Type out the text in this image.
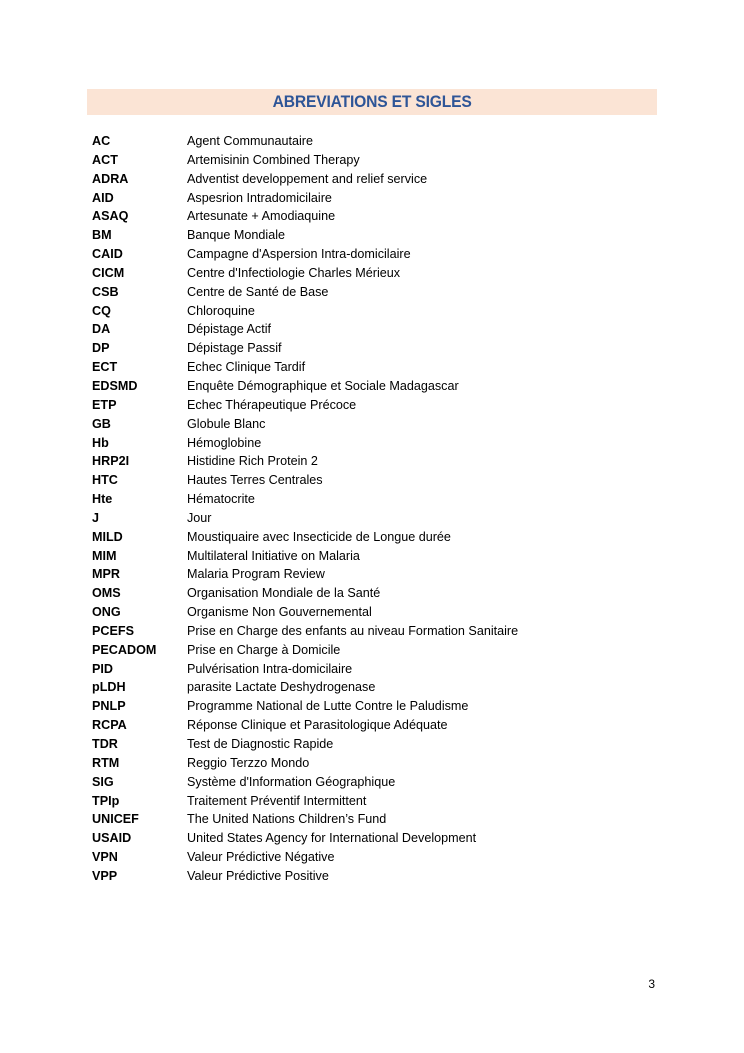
ABREVIATIONS ET SIGLES
AC	Agent Communautaire
ACT	Artemisinin Combined Therapy
ADRA	Adventist developpement and relief service
AID	Aspesrion Intradomicilaire
ASAQ	Artesunate + Amodiaquine
BM	Banque Mondiale
CAID	Campagne d'Aspersion Intra-domicilaire
CICM	Centre d'Infectiologie Charles Mérieux
CSB	Centre de Santé de Base
CQ	Chloroquine
DA	Dépistage Actif
DP	Dépistage Passif
ECT	Echec Clinique Tardif
EDSMD	Enquête Démographique et Sociale Madagascar
ETP	Echec Thérapeutique Précoce
GB	Globule Blanc
Hb	Hémoglobine
HRP2I	Histidine Rich Protein 2
HTC	Hautes Terres Centrales
Hte	Hématocrite
J	Jour
MILD	Moustiquaire avec Insecticide de Longue durée
MIM	Multilateral Initiative on Malaria
MPR	Malaria Program Review
OMS	Organisation Mondiale de la Santé
ONG	Organisme Non Gouvernemental
PCEFS	Prise en Charge des enfants au niveau Formation Sanitaire
PECADOM Prise en Charge à Domicile
PID	Pulvérisation Intra-domicilaire
pLDH	parasite Lactate Deshydrogenase
PNLP	Programme National de Lutte Contre le Paludisme
RCPA	Réponse Clinique et Parasitologique Adéquate
TDR	Test de Diagnostic Rapide
RTM	Reggio Terzzo Mondo
SIG	Système d'Information Géographique
TPIp	Traitement Préventif Intermittent
UNICEF	The United Nations Children’s Fund
USAID	United States Agency for International Development
VPN	Valeur Prédictive Négative
VPP	Valeur Prédictive Positive
3
